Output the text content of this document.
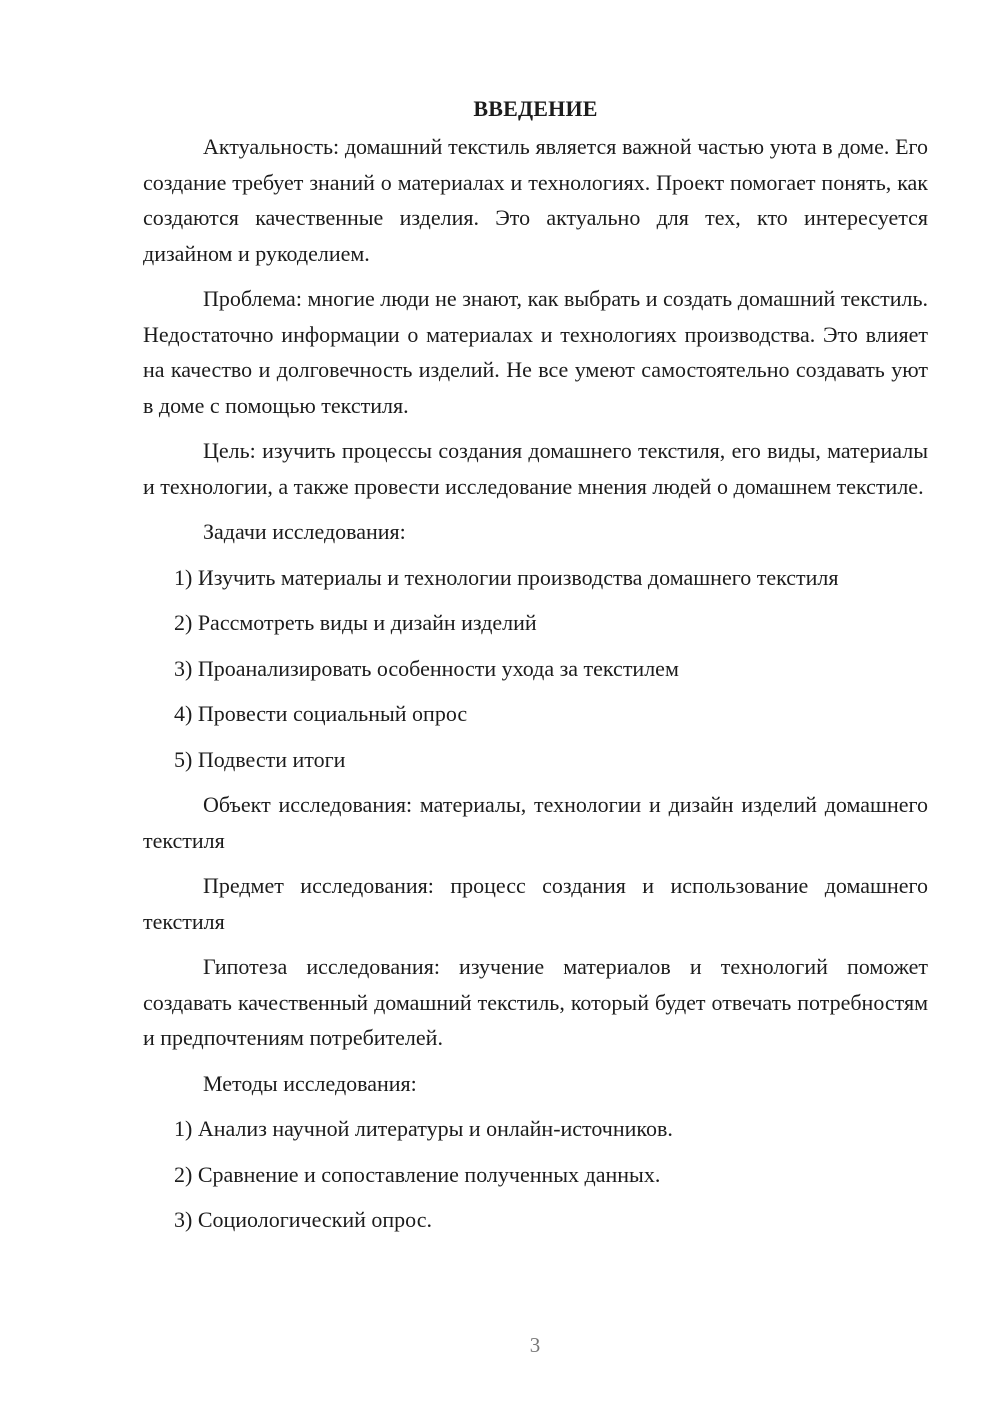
ВВЕДЕНИЕ

Актуальность: домашний текстиль является важной частью уюта в доме. Его создание требует знаний о материалах и технологиях. Проект помогает понять, как создаются качественные изделия. Это актуально для тех, кто интересуется дизайном и рукоделием.

Проблема: многие люди не знают, как выбрать и создать домашний текстиль. Недостаточно информации о материалах и технологиях производства. Это влияет на качество и долговечность изделий. Не все умеют самостоятельно создавать уют в доме с помощью текстиля.

Цель: изучить процессы создания домашнего текстиля, его виды, материалы и технологии, а также провести исследование мнения людей о домашнем текстиле.

Задачи исследования:

1) Изучить материалы и технологии производства домашнего текстиля

2) Рассмотреть виды и дизайн изделий

3) Проанализировать особенности ухода за текстилем

4) Провести социальный опрос

5) Подвести итоги

Объект исследования: материалы, технологии и дизайн изделий домашнего текстиля

Предмет исследования: процесс создания и использование домашнего текстиля

Гипотеза исследования: изучение материалов и технологий поможет создавать качественный домашний текстиль, который будет отвечать потребностям и предпочтениям потребителей.

Методы исследования:

1) Анализ научной литературы и онлайн-источников.

2) Сравнение и сопоставление полученных данных.

3) Социологический опрос.

3
